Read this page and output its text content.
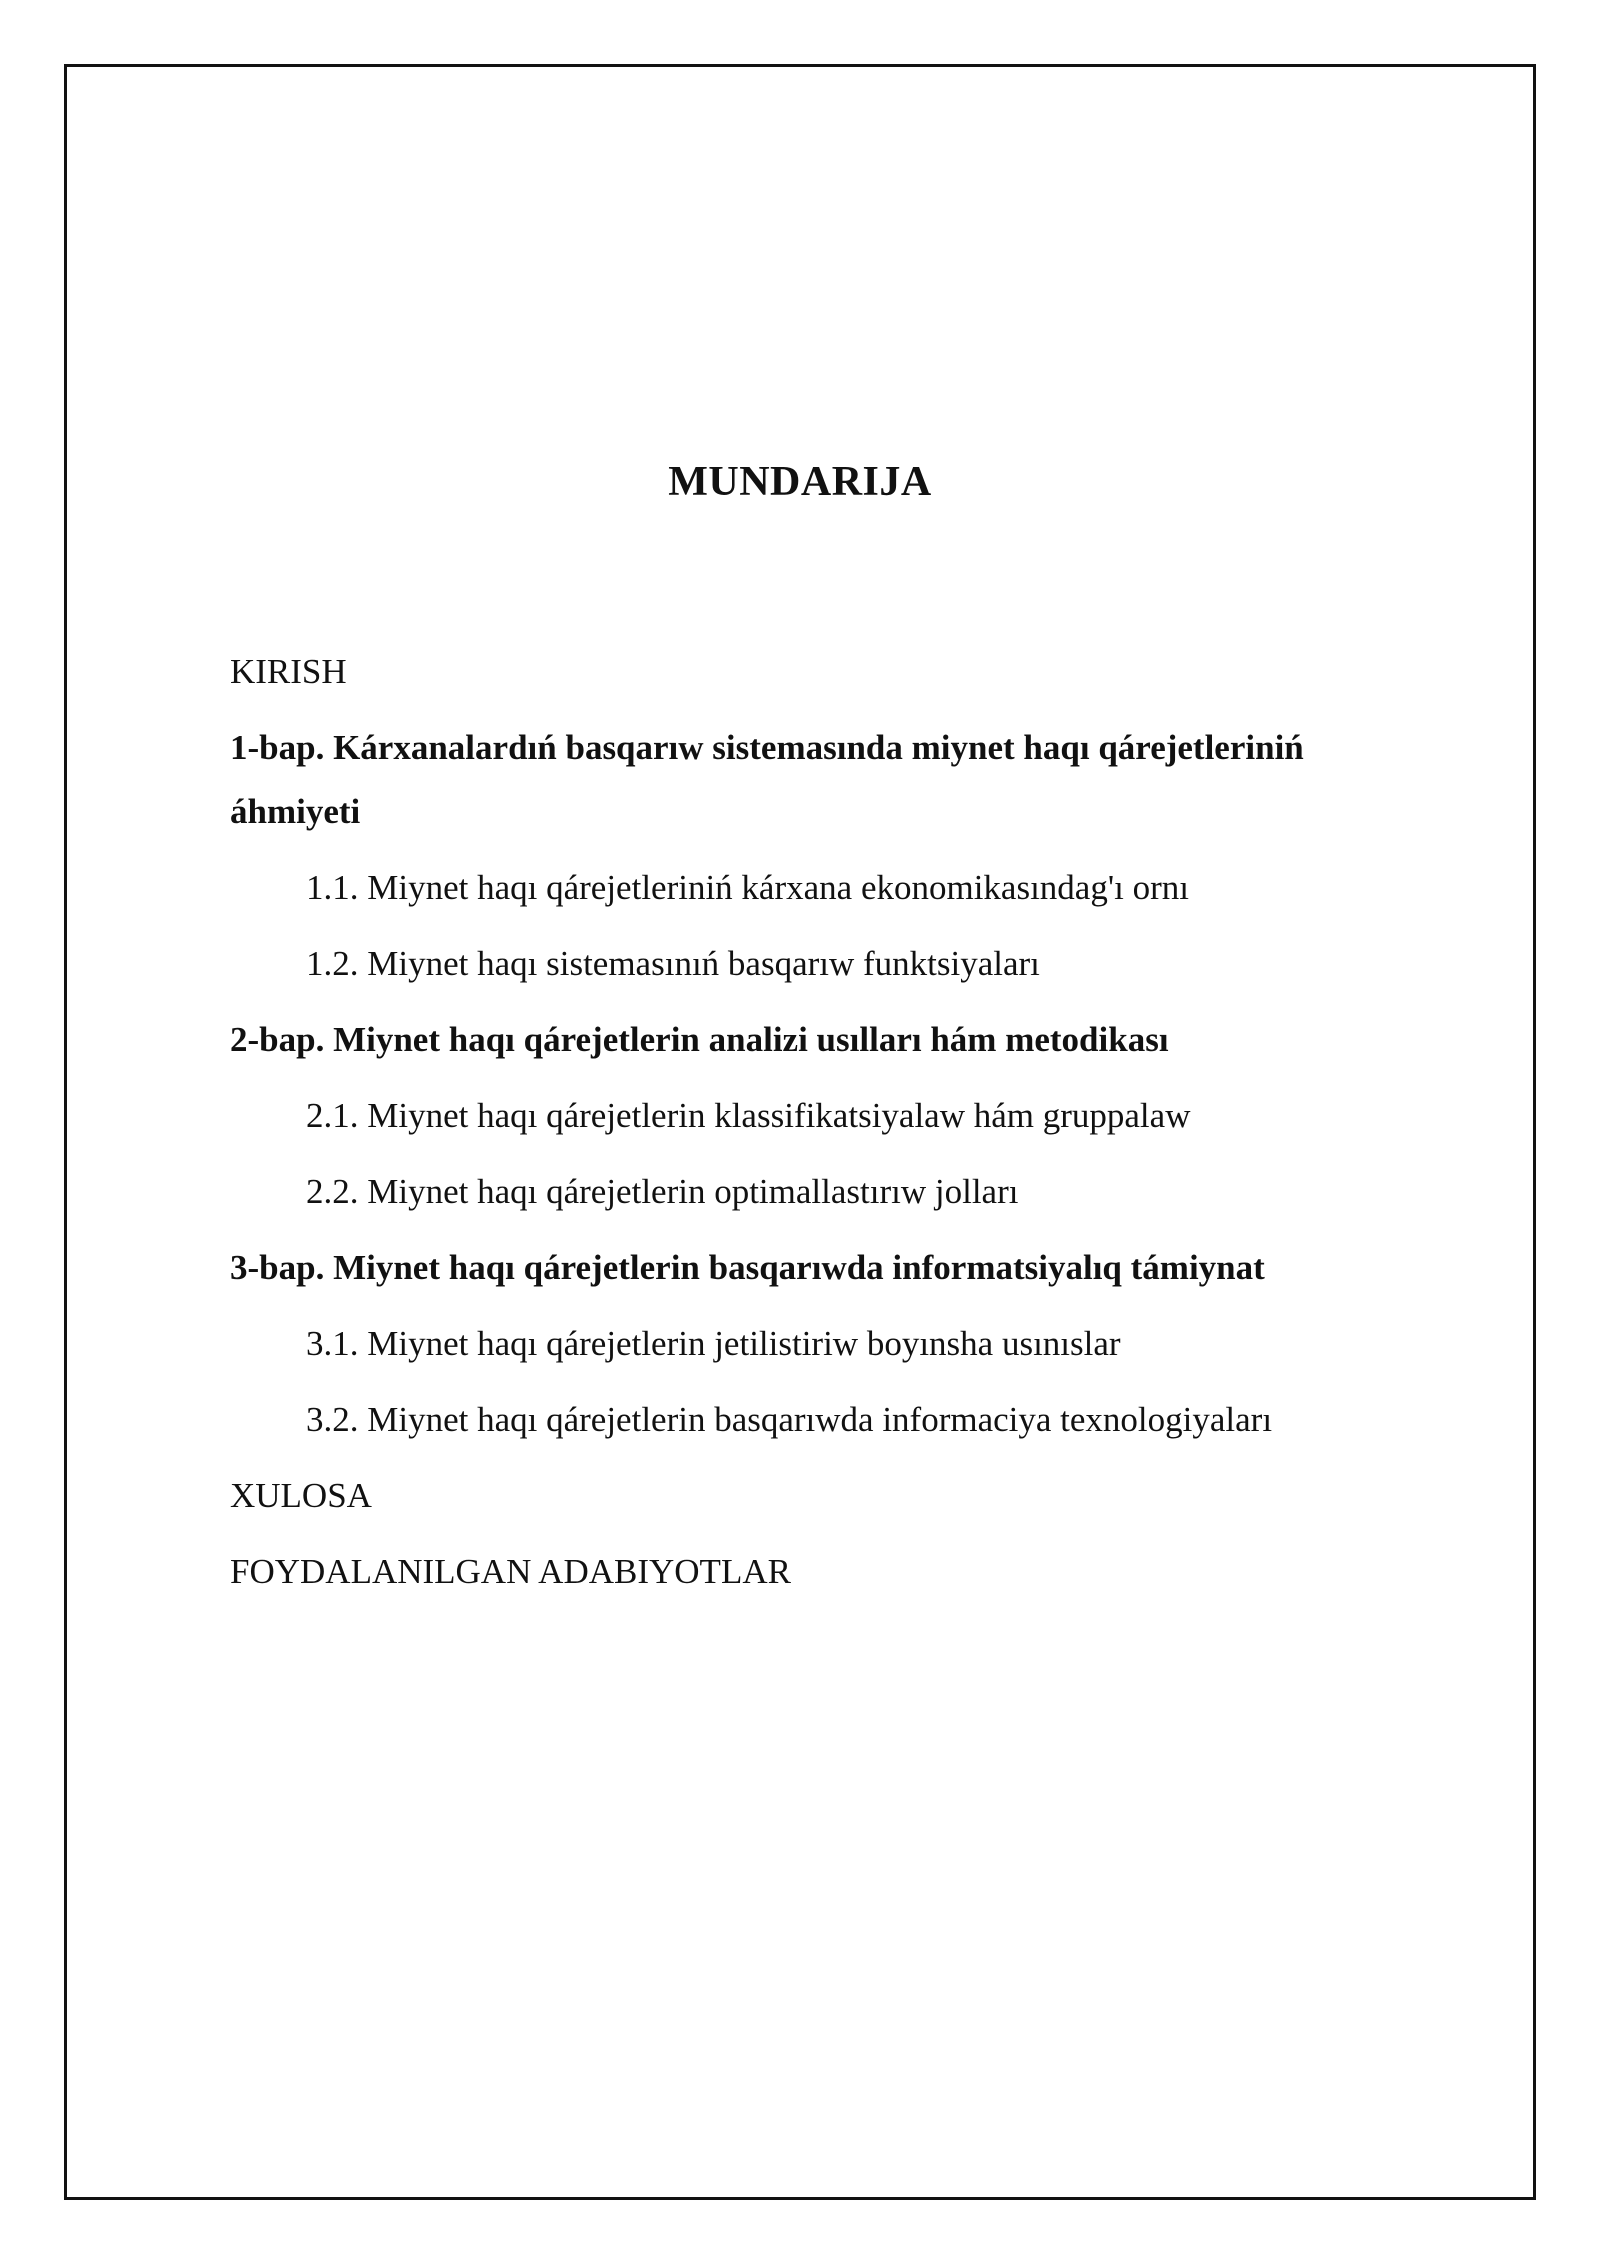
MUNDARIJA

KIRISH

1-bap. Kárxanalardıń basqarıw sistemasında miynet haqı qárejetleriniń áhmiyeti

1.1. Miynet haqı qárejetleriniń kárxana ekonomikasındag'ı ornı

1.2. Miynet haqı sistemasınıń basqarıw funktsiyaları

2-bap. Miynet haqı qárejetlerin analizi usılları hám metodikası

2.1. Miynet haqı qárejetlerin klassifikatsiyalaw hám gruppalaw

2.2. Miynet haqı qárejetlerin optimallastırıw jolları

3-bap. Miynet haqı qárejetlerin basqarıwda informatsiyalıq támiynat

3.1. Miynet haqı qárejetlerin jetilistiriw boyınsha usınıslar

3.2. Miynet haqı qárejetlerin basqarıwda informaciya texnologiyaları

XULOSA

FOYDALANILGAN ADABIYOTLAR
